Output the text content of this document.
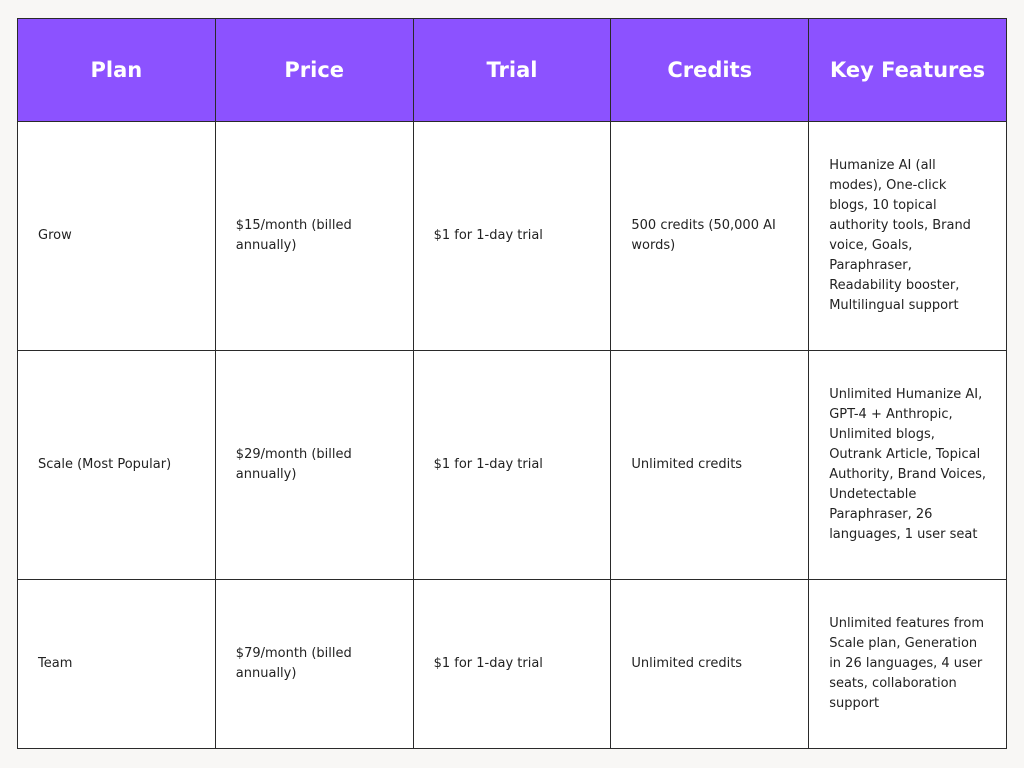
Plan	Price	Trial	Credits	Key Features
Grow	$15/month (billed annually)	$1 for 1-day trial	500 credits (50,000 AI words)	Humanize AI (all modes), One-click blogs, 10 topical authority tools, Brand voice, Goals, Paraphraser, Readability booster, Multilingual support
Scale (Most Popular)	$29/month (billed annually)	$1 for 1-day trial	Unlimited credits	Unlimited Humanize AI, GPT-4 + Anthropic, Unlimited blogs, Outrank Article, Topical Authority, Brand Voices, Undetectable Paraphraser, 26 languages, 1 user seat
Team	$79/month (billed annually)	$1 for 1-day trial	Unlimited credits	Unlimited features from Scale plan, Generation in 26 languages, 4 user seats, collaboration support
